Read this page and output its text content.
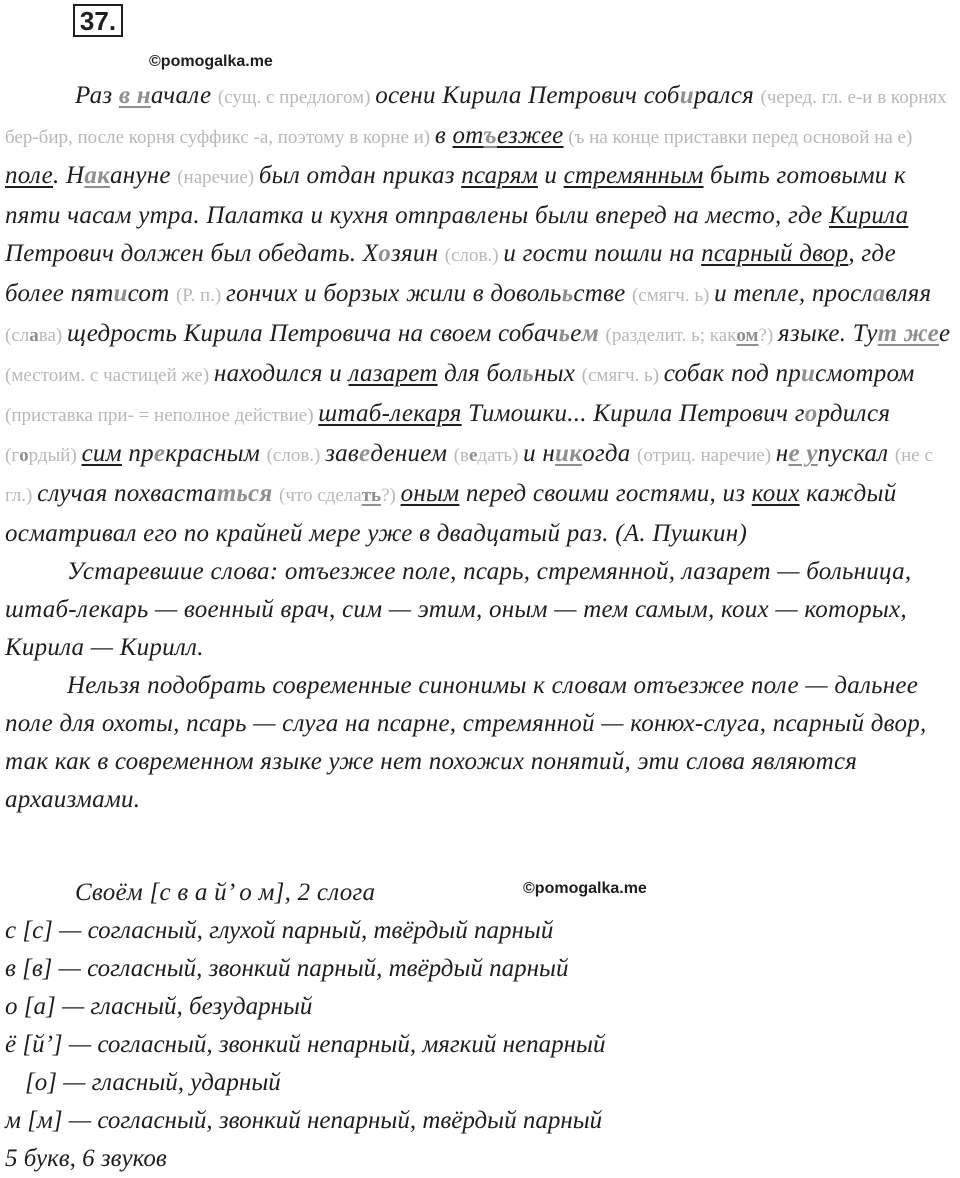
37.
©pomogalka.me

Раз в начале (сущ. с предлогом) осени Кирила Петрович собирался (черед. гл. е-и в корнях бер-бир, после корня суффикс -а, поэтому в корне и) в отъезжее (ъ на конце приставки перед основой на е) поле. Накануне (наречие) был отдан приказ псарям и стремянным быть готовыми к пяти часам утра. Палатка и кухня отправлены были вперед на место, где Кирила Петрович должен был обедать. Хозяин (слов.) и гости пошли на псарный двор, где более пятисот (Р. п.) гончих и борзых жили в доволььстве (смягч. ь) и тепле, прославляя (слава) щедрость Кирила Петровича на своем собачьем (разделит. ь; каком?) языке. Тут жее (местоим. с частицей же) находился и лазарет для больных (смягч. ь) собак под присмотром (приставка при- = неполное действие) штаб-лекаря Тимошки... Кирила Петрович гордился (гордый) сим прекрасным (слов.) заведением (ведать) и никогда (отриц. наречие) не упускал (не с гл.) случая похвастаться (что сделать?) оным перед своими гостями, из коих каждый осматривал его по крайней мере уже в двадцатый раз. (А. Пушкин)

Устаревшие слова: отъезжее поле, псарь, стремянной, лазарет — больница, штаб-лекарь — военный врач, сим — этим, оным — тем самым, коих — которых, Кирила — Кирилл.

Нельзя подобрать современные синонимы к словам отъезжее поле — дальнее поле для охоты, псарь — слуга на псарне, стремянной — конюх-слуга, псарный двор, так как в современном языке уже нет похожих понятий, эти слова являются архаизмами.

Своём [с в а й’ о м], 2 слога	©pomogalka.me
с [с] — согласный, глухой парный, твёрдый парный
в [в] — согласный, звонкий парный, твёрдый парный
о [а] — гласный, безударный
ё [й’] — согласный, звонкий непарный, мягкий непарный
[о] — гласный, ударный
м [м] — согласный, звонкий непарный, твёрдый парный
5 букв, 6 звуков
